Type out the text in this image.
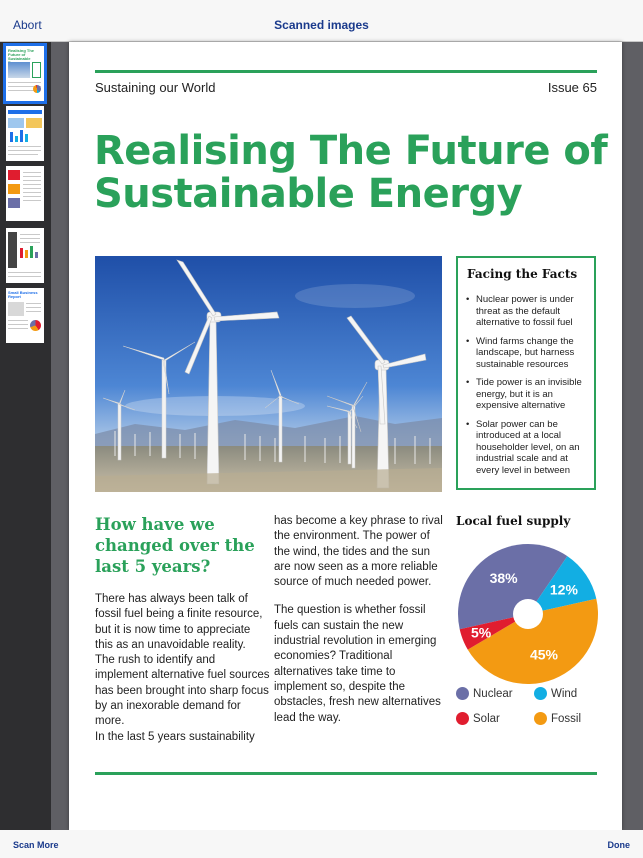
Abort	Scanned images
Realising The Future of Sustainable
Small Business Report
Sustaining our World	Issue 65
Realising The Future of Sustainable Energy
Facing the Facts
• Nuclear power is under threat as the default alternative to fossil fuel
• Wind farms change the landscape, but harness sustainable resources
• Tide power is an invisible energy, but it is an expensive alternative
• Solar power can be introduced at a local householder level, on an industrial scale and at every level in between
How have we changed over the last 5 years?

There has always been talk of fossil fuel being a finite resource, but it is now time to appreciate this as an unavoidable reality.

The rush to identify and implement alternative fuel sources has been brought into sharp focus by an inexorable demand for more.

In the last 5 years sustainability

has become a key phrase to rival the environment. The power of the wind, the tides and the sun are now seen as a more reliable source of much needed power.

The question is whether fossil fuels can sustain the new industrial revolution in emerging economies? Traditional alternatives take time to implement so, despite the obstacles, fresh new alternatives lead the way.

Local fuel supply
38%
12%
45%
5%
Nuclear	Wind
Solar	Fossil
Scan More	Done
